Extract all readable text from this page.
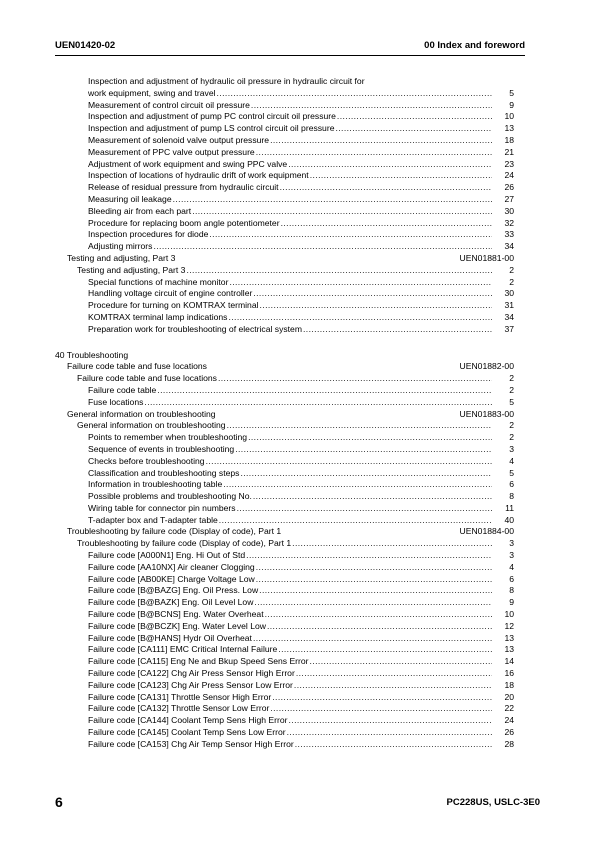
UEN01420-02	00 Index and foreword
Inspection and adjustment of hydraulic oil pressure in hydraulic circuit for
work equipment, swing and travel .....	5
Measurement of control circuit oil pressure .....	9
Inspection and adjustment of pump PC control circuit oil pressure .....	10
Inspection and adjustment of pump LS control circuit oil pressure .....	13
Measurement of solenoid valve output pressure .....	18
Measurement of PPC valve output pressure .....	21
Adjustment of work equipment and swing PPC valve .....	23
Inspection of locations of hydraulic drift of work equipment .....	24
Release of residual pressure from hydraulic circuit .....	26
Measuring oil leakage .....	27
Bleeding air from each part .....	30
Procedure for replacing boom angle potentiometer .....	32
Inspection procedures for diode .....	33
Adjusting mirrors .....	34
Testing and adjusting, Part 3	UEN01881-00
Testing and adjusting, Part 3 .....	2
Special functions of machine monitor .....	2
Handling voltage circuit of engine controller .....	30
Procedure for turning on KOMTRAX terminal .....	31
KOMTRAX terminal lamp indications .....	34
Preparation work for troubleshooting of electrical system .....	37
40 Troubleshooting
Failure code table and fuse locations	UEN01882-00
Failure code table and fuse locations .....	2
Failure code table .....	2
Fuse locations .....	5
General information on troubleshooting	UEN01883-00
General information on troubleshooting .....	2
Points to remember when troubleshooting .....	2
Sequence of events in troubleshooting .....	3
Checks before troubleshooting .....	4
Classification and troubleshooting steps .....	5
Information in troubleshooting table .....	6
Possible problems and troubleshooting No. .....	8
Wiring table for connector pin numbers .....	11
T-adapter box and T-adapter table .....	40
Troubleshooting by failure code (Display of code), Part 1	UEN01884-00
Troubleshooting by failure code (Display of code), Part 1 .....	3
Failure code [A000N1] Eng. Hi Out of Std .....	3
Failure code [AA10NX] Air cleaner Clogging .....	4
Failure code [AB00KE] Charge Voltage Low .....	6
Failure code [B@BAZG] Eng. Oil Press. Low .....	8
Failure code [B@BAZK] Eng. Oil Level Low .....	9
Failure code [B@BCNS] Eng. Water Overheat .....	10
Failure code [B@BCZK] Eng. Water Level Low .....	12
Failure code [B@HANS] Hydr Oil Overheat .....	13
Failure code [CA111] EMC Critical Internal Failure .....	13
Failure code [CA115] Eng Ne and Bkup Speed Sens Error .....	14
Failure code [CA122] Chg Air Press Sensor High Error .....	16
Failure code [CA123] Chg Air Press Sensor Low Error .....	18
Failure code [CA131] Throttle Sensor High Error .....	20
Failure code [CA132] Throttle Sensor Low Error .....	22
Failure code [CA144] Coolant Temp Sens High Error .....	24
Failure code [CA145] Coolant Temp Sens Low Error .....	26
Failure code [CA153] Chg Air Temp Sensor High Error .....	28
6	PC228US, USLC-3E0
